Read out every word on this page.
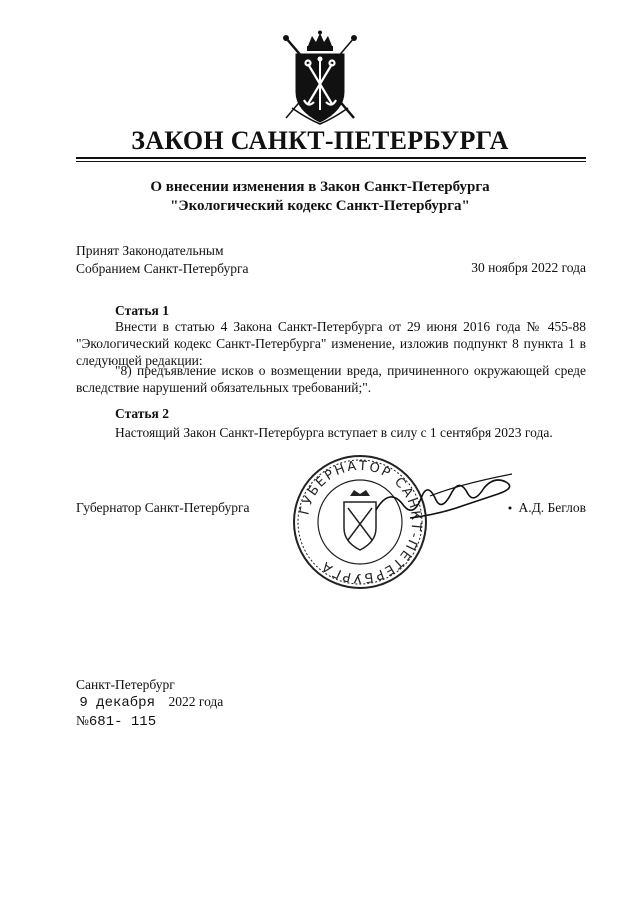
ЗАКОН САНКТ-ПЕТЕРБУРГА
О внесении изменения в Закон Санкт-Петербурга
"Экологический кодекс Санкт-Петербурга"
Принят Законодательным
Собранием Санкт-Петербурга	30 ноября 2022 года
Статья 1

Внести в статью 4 Закона Санкт-Петербурга от 29 июня 2016 года № 455-88 "Экологический кодекс Санкт-Петербурга" изменение, изложив подпункт 8 пункта 1 в следующей редакции:

"8) предъявление исков о возмещении вреда, причиненного окружающей среде вследствие нарушений обязательных требований;".

Статья 2

Настоящий Закон Санкт-Петербурга вступает в силу с 1 сентября 2023 года.

ГУБЕРНАТОР САНКТ-ПЕТЕРБУРГА
Губернатор Санкт-Петербурга	А.Д. Беглов
Санкт-Петербург
9 декабря 2022 года
№681- 115
